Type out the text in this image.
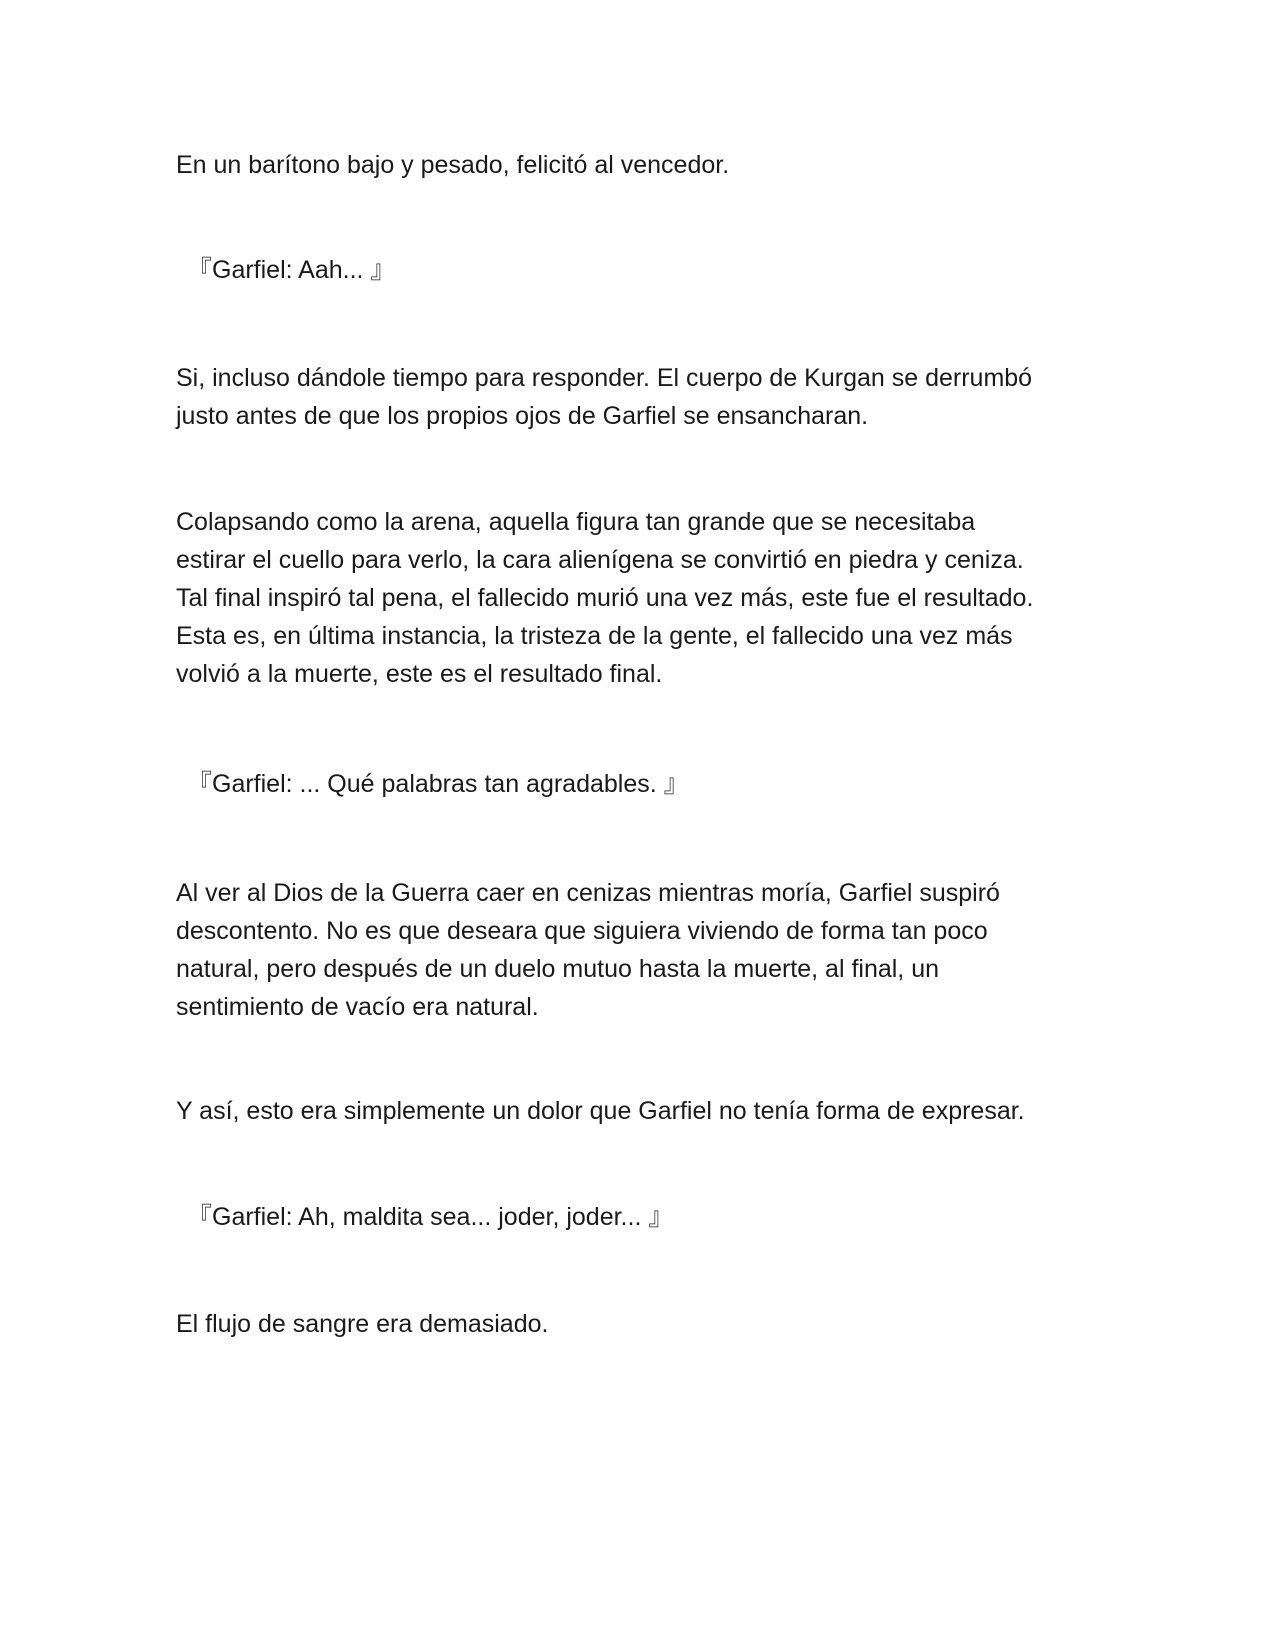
En un barítono bajo y pesado, felicitó al vencedor.

『Garfiel: Aah... 』

Si, incluso dándole tiempo para responder. El cuerpo de Kurgan se derrumbó
justo antes de que los propios ojos de Garfiel se ensancharan.

Colapsando como la arena, aquella figura tan grande que se necesitaba
estirar el cuello para verlo, la cara alienígena se convirtió en piedra y ceniza.
Tal final inspiró tal pena, el fallecido murió una vez más, este fue el resultado.
Esta es, en última instancia, la tristeza de la gente, el fallecido una vez más
volvió a la muerte, este es el resultado final.

『Garfiel: ... Qué palabras tan agradables. 』

Al ver al Dios de la Guerra caer en cenizas mientras moría, Garfiel suspiró
descontento. No es que deseara que siguiera viviendo de forma tan poco
natural, pero después de un duelo mutuo hasta la muerte, al final, un
sentimiento de vacío era natural.

Y así, esto era simplemente un dolor que Garfiel no tenía forma de expresar.

『Garfiel: Ah, maldita sea... joder, joder... 』

El flujo de sangre era demasiado.
